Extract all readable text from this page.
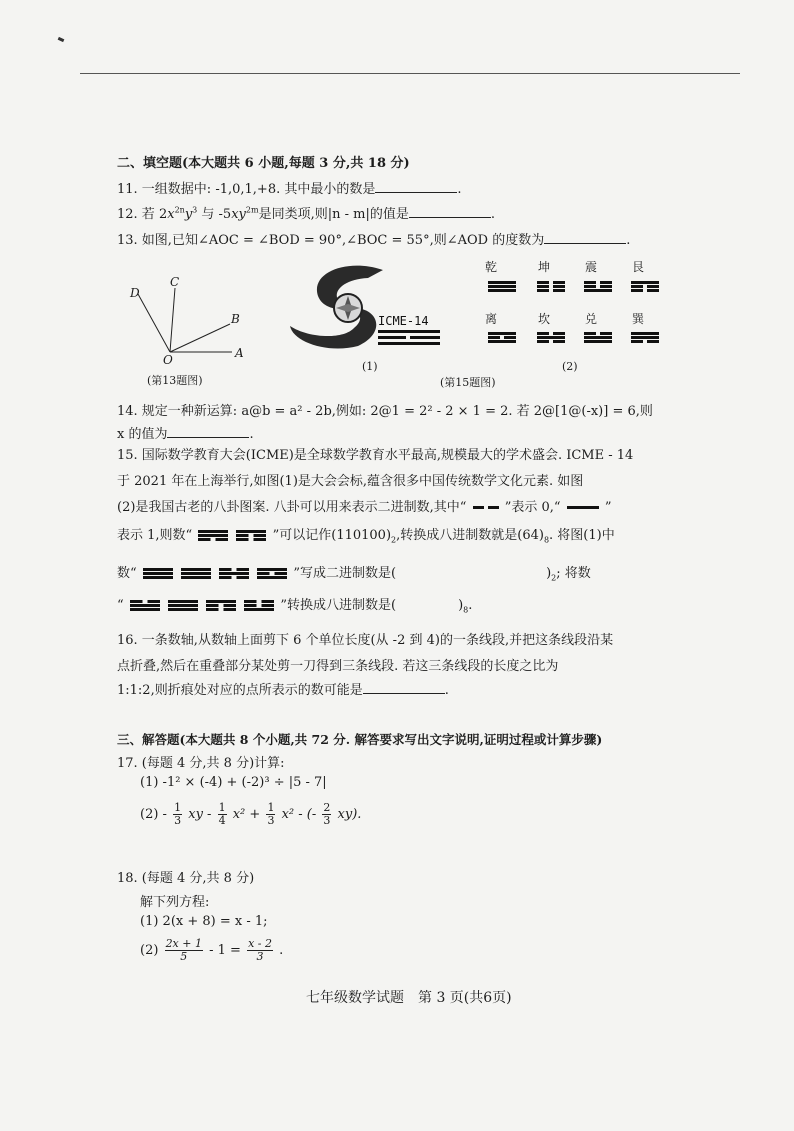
二、填空题(本大题共 6 小题,每题 3 分,共 18 分)
11. 一组数据中: -1,0,1,+8. 其中最小的数是	.
12. 若 $2x^{2n}y^3$ 与 $-5xy^{2m}$是同类项,则|n - m|的值是	.
13. 如图,已知∠AOC = ∠BOD = 90°,∠BOC = 55°,则∠AOD 的度数为	.
C
D
B
O	A
(第13题图)
ICME-14
(1)
乾	坤	震	艮
离	坎	兑	巽
(2)
(第15题图)
14. 规定一种新运算: a@b = a² - 2b,例如: 2@1 = 2² - 2 × 1 = 2. 若 2@[1@(-x)] = 6,则
x 的值为	.
15. 国际数学教育大会(ICME)是全球数学教育水平最高,规模最大的学术盛会. ICME - 14
于 2021 年在上海举行,如图(1)是大会会标,蕴含很多中国传统数学文化元素. 如图
(2)是我国古老的八卦图案. 八卦可以用来表示二进制数,其中“	”表示 0,“	”
表示 1,则数“
	”可以记作$(110100)_2$,转换成八进制数就是$(64)_8$. 将图(1)中
数“

	”写成二进制数是(	)$_2$; 将数
“

	”转换成八进制数是(	)$_8$.
16. 一条数轴,从数轴上面剪下 6 个单位长度(从 -2 到 4)的一条线段,并把这条线段沿某
点折叠,然后在重叠部分某处剪一刀得到三条线段. 若这三条线段的长度之比为
1:1:2,则折痕处对应的点所表示的数可能是	.
三、解答题(本大题共 8 个小题,共 72 分. 解答要求写出文字说明,证明过程或计算步骤)
17. (每题 4 分,共 8 分)计算:
(1) -1² × (-4) + (-2)³ ÷ |5 - 7|
$(2) - \frac{1}{3}$ xy - $\frac{1}{4} x^2 + \frac{1}{3} x^2$ - (- $\frac{2}{3} xy$).
18. (每题 4 分,共 8 分)
解下列方程:
(1) 2(x + 8) = x - 1;
$(2) \frac{2x + 1}{5} - 1 = \frac{x - 2}{3}$ .
七年级数学试题　第 3 页(共6页)
